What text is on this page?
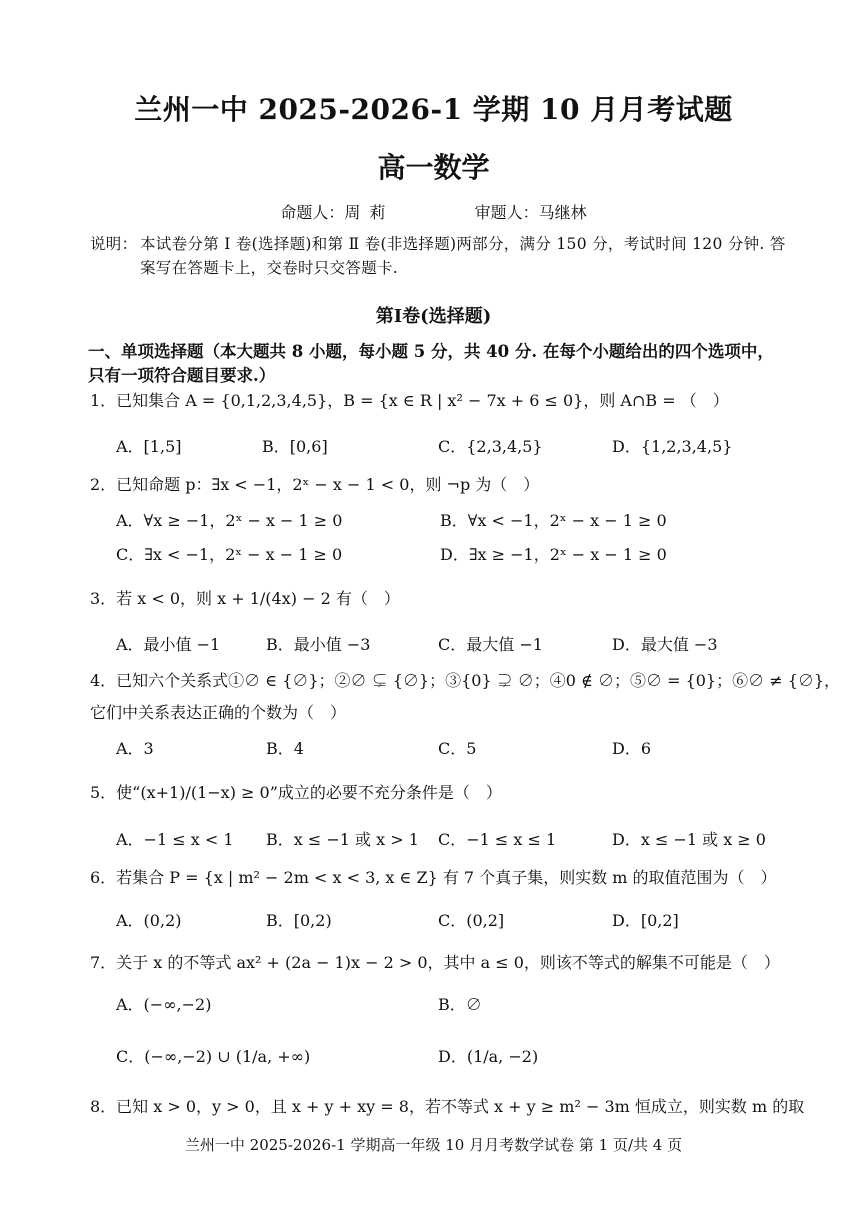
兰州一中 2025-2026-1 学期 10 月月考试题
高一数学
命题人：周 莉	审题人：马继林
说明： 本试卷分第 Ⅰ 卷(选择题)和第 Ⅱ 卷(非选择题)两部分，满分 150 分，考试时间 120 分钟. 答案写在答题卡上，交卷时只交答题卡.
第Ⅰ卷(选择题)
一、单项选择题（本大题共 8 小题，每小题 5 分，共 40 分. 在每个小题给出的四个选项中，只有一项符合题目要求.）
1．已知集合 A = {0,1,2,3,4,5}，B = {x ∈ R | x² − 7x + 6 ≤ 0}，则 A∩B = （　）
A．[1,5]	B．[0,6]	C．{2,3,4,5}	D．{1,2,3,4,5}
2．已知命题 p：∃x < −1，2ˣ − x − 1 < 0，则 ¬p 为（　）
A．∀x ≥ −1，2ˣ − x − 1 ≥ 0	B．∀x < −1，2ˣ − x − 1 ≥ 0
C．∃x < −1，2ˣ − x − 1 ≥ 0	D．∃x ≥ −1，2ˣ − x − 1 ≥ 0
3．若 x < 0，则 x + 1/(4x) − 2 有（　）
A．最小值 −1	B．最小值 −3	C．最大值 −1	D．最大值 −3
4．已知六个关系式①∅ ∈ {∅}；②∅ ⊊ {∅}；③{0} ⊋ ∅；④0 ∉ ∅；⑤∅ = {0}；⑥∅ ≠ {∅}，
它们中关系表达正确的个数为（　）
A．3	B．4	C．5	D．6
5．使“(x+1)/(1−x) ≥ 0”成立的必要不充分条件是（　）
A．−1 ≤ x < 1 B．x ≤ −1 或 x > 1 C．−1 ≤ x ≤ 1	D．x ≤ −1 或 x ≥ 0
6．若集合 P = {x | m² − 2m < x < 3, x ∈ Z} 有 7 个真子集，则实数 m 的取值范围为（　）
A．(0,2)	B．[0,2)	C．(0,2]	D．[0,2]
7．关于 x 的不等式 ax² + (2a − 1)x − 2 > 0，其中 a ≤ 0，则该不等式的解集不可能是（　）
A．(−∞,−2)	B．∅
C．(−∞,−2) ∪ (1/a, +∞)	D．(1/a, −2)
8．已知 x > 0，y > 0，且 x + y + xy = 8，若不等式 x + y ≥ m² − 3m 恒成立，则实数 m 的取
兰州一中 2025-2026-1 学期高一年级 10 月月考数学试卷 第 1 页/共 4 页
